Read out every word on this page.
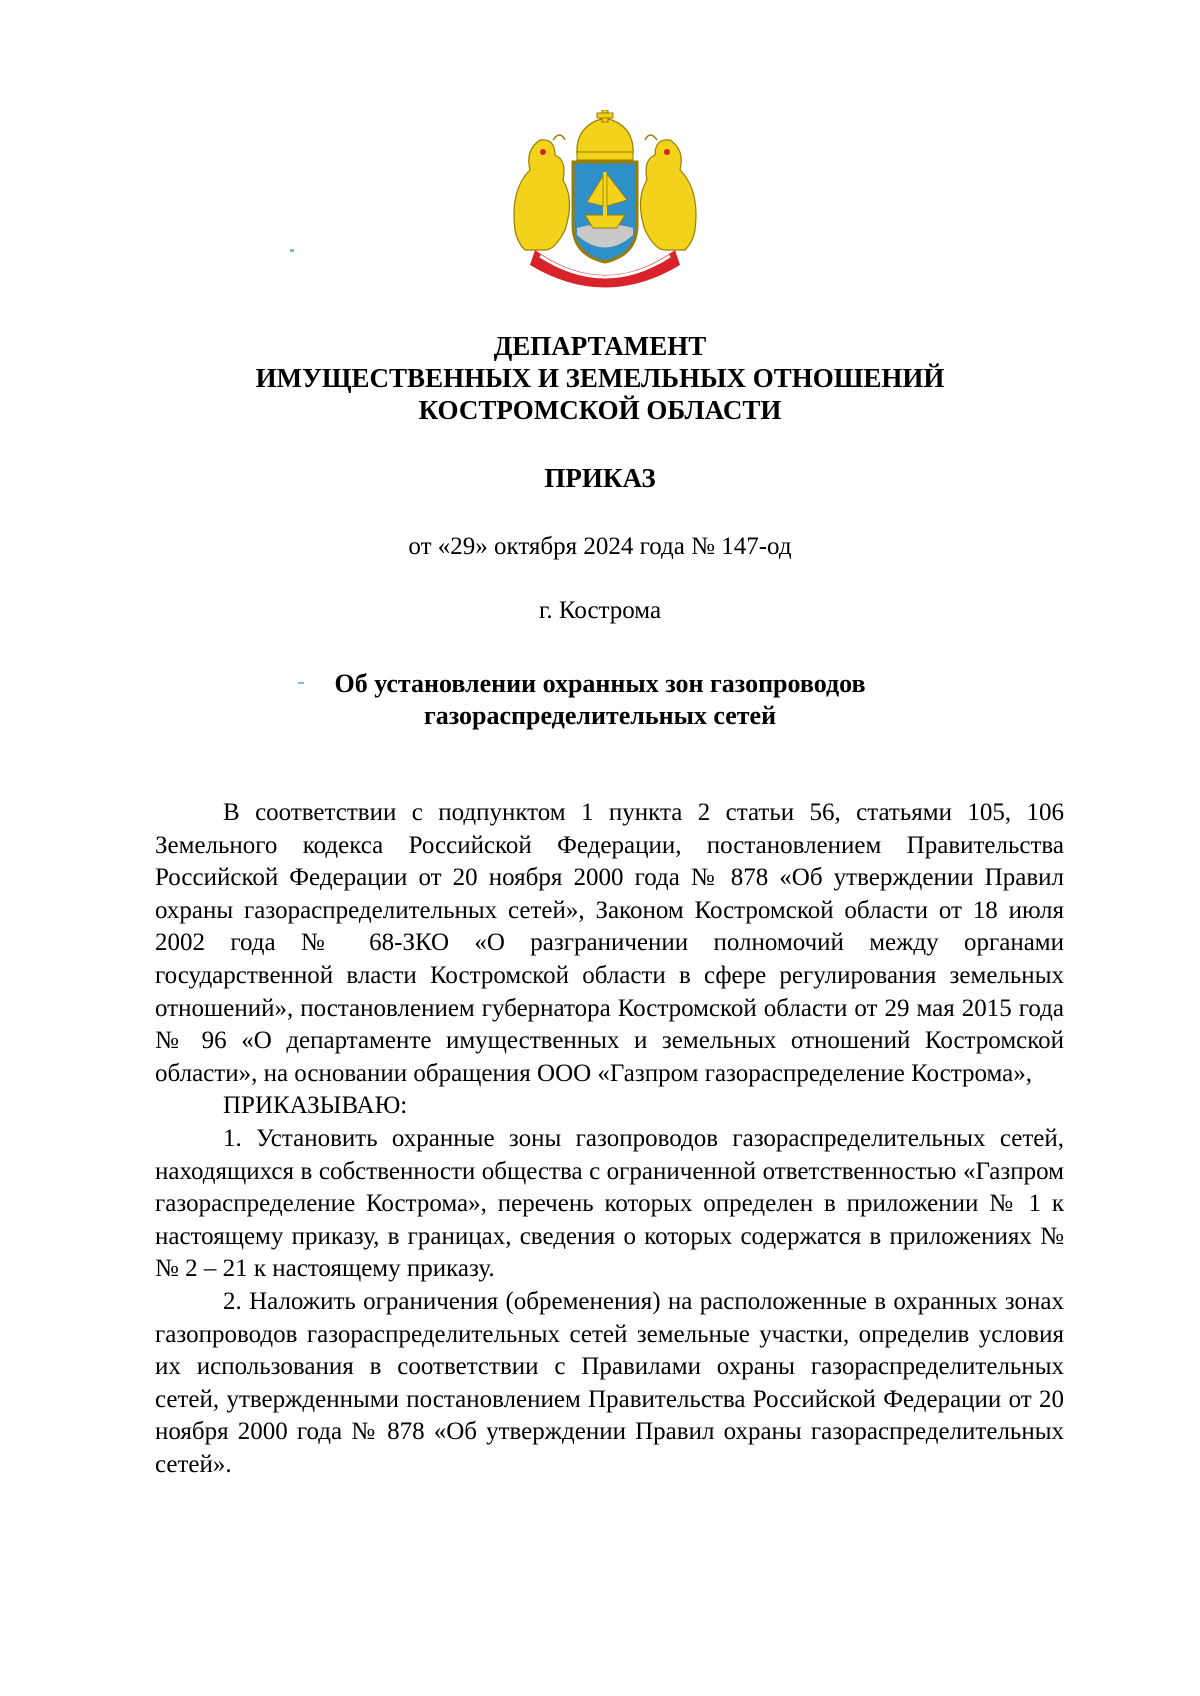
ДЕПАРТАМЕНТ
ИМУЩЕСТВЕННЫХ И ЗЕМЕЛЬНЫХ ОТНОШЕНИЙ
КОСТРОМСКОЙ ОБЛАСТИ
ПРИКАЗ
от «29» октября 2024 года № 147-од
г. Кострома
Об установлении охранных зон газопроводов
газораспределительных сетей

В соответствии с подпунктом 1 пункта 2 статьи 56, статьями 105, 106 Земельного кодекса Российской Федерации, постановлением Правительства Российской Федерации от 20 ноября 2000 года № 878 «Об утверждении Правил охраны газораспределительных сетей», Законом Костромской области от 18 июля 2002 года № 68-ЗКО «О разграничении полномочий между органами государственной власти Костромской области в сфере регулирования земельных отношений», постановлением губернатора Костромской области от 29 мая 2015 года № 96 «О департаменте имущественных и земельных отношений Костромской области», на основании обращения ООО «Газпром газораспределение Кострома»,

ПРИКАЗЫВАЮ:

1. Установить охранные зоны газопроводов газораспределительных сетей, находящихся в собственности общества с ограниченной ответственностью «Газпром газораспределение Кострома», перечень которых определен в приложении № 1 к настоящему приказу, в границах, сведения о которых содержатся в приложениях №№ 2 – 21 к настоящему приказу.

2. Наложить ограничения (обременения) на расположенные в охранных зонах газопроводов газораспределительных сетей земельные участки, определив условия их использования в соответствии с Правилами охраны газораспределительных сетей, утвержденными постановлением Правительства Российской Федерации от 20 ноября 2000 года № 878 «Об утверждении Правил охраны газораспределительных сетей».
